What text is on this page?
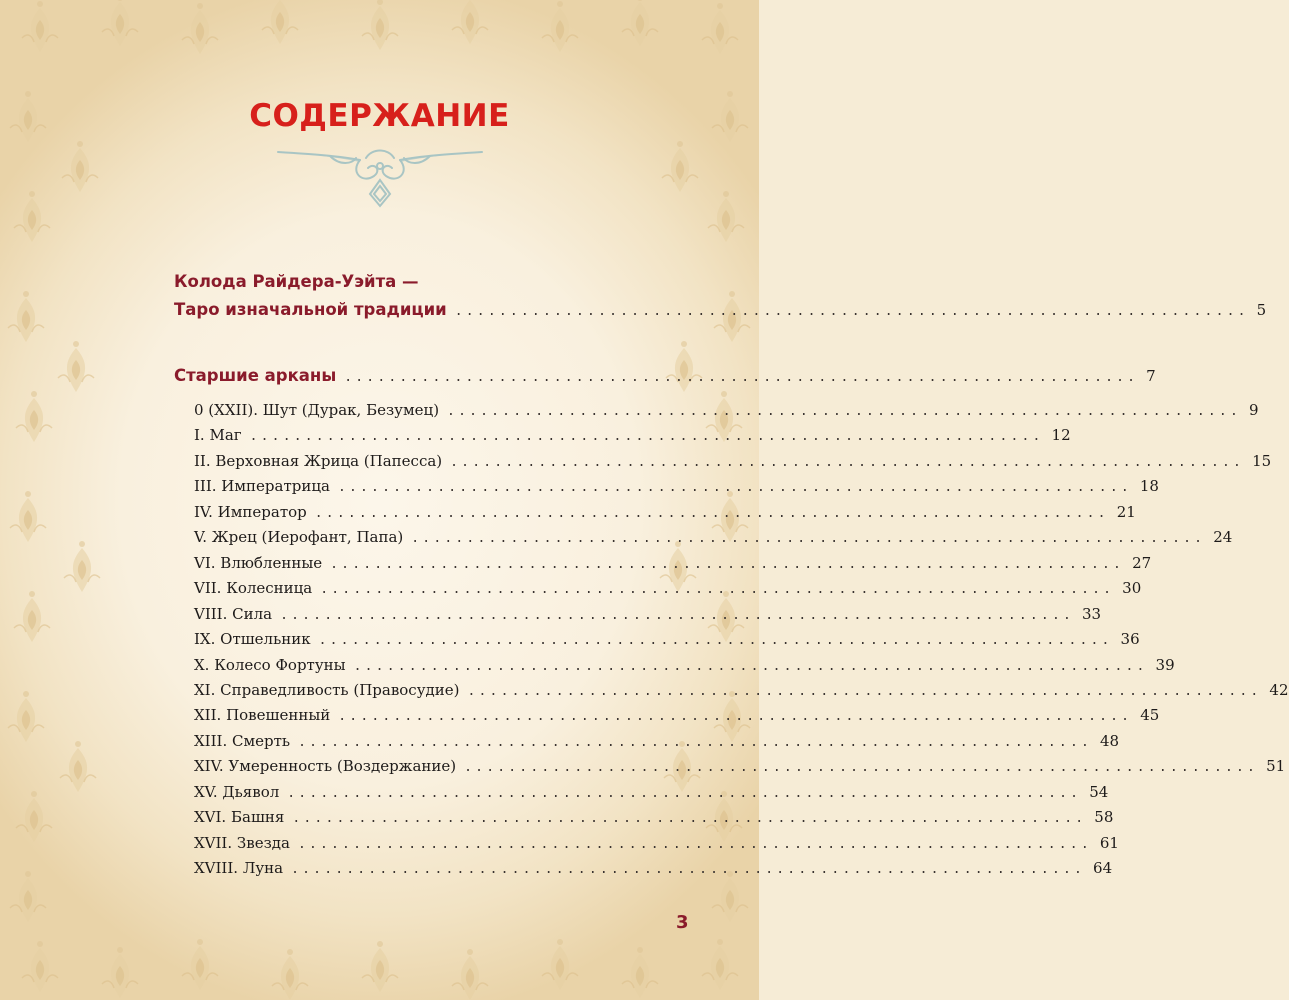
СОДЕРЖАНИЕ
Колода Райдера-Уэйта —
Таро изначальной традиции ........................................................................ 5
Старшие арканы ........................................................................ 7
0 (XXII). Шут (Дурак, Безумец) ........................................................................ 9
I. Маг ........................................................................ 12
II. Верховная Жрица (Папесса) ........................................................................ 15
III. Императрица ........................................................................ 18
IV. Император ........................................................................ 21
V. Жрец (Иерофант, Папа) ........................................................................ 24
VI. Влюбленные ........................................................................ 27
VII. Колесница ........................................................................ 30
VIII. Сила ........................................................................ 33
IX. Отшельник ........................................................................ 36
X. Колесо Фортуны ........................................................................ 39
XI. Справедливость (Правосудие) ........................................................................ 42
XII. Повешенный ........................................................................ 45
XIII. Смерть ........................................................................ 48
XIV. Умеренность (Воздержание) ........................................................................ 51
XV. Дьявол ........................................................................ 54
XVI. Башня ........................................................................ 58
XVII. Звезда ........................................................................ 61
XVIII. Луна ........................................................................ 64
3
